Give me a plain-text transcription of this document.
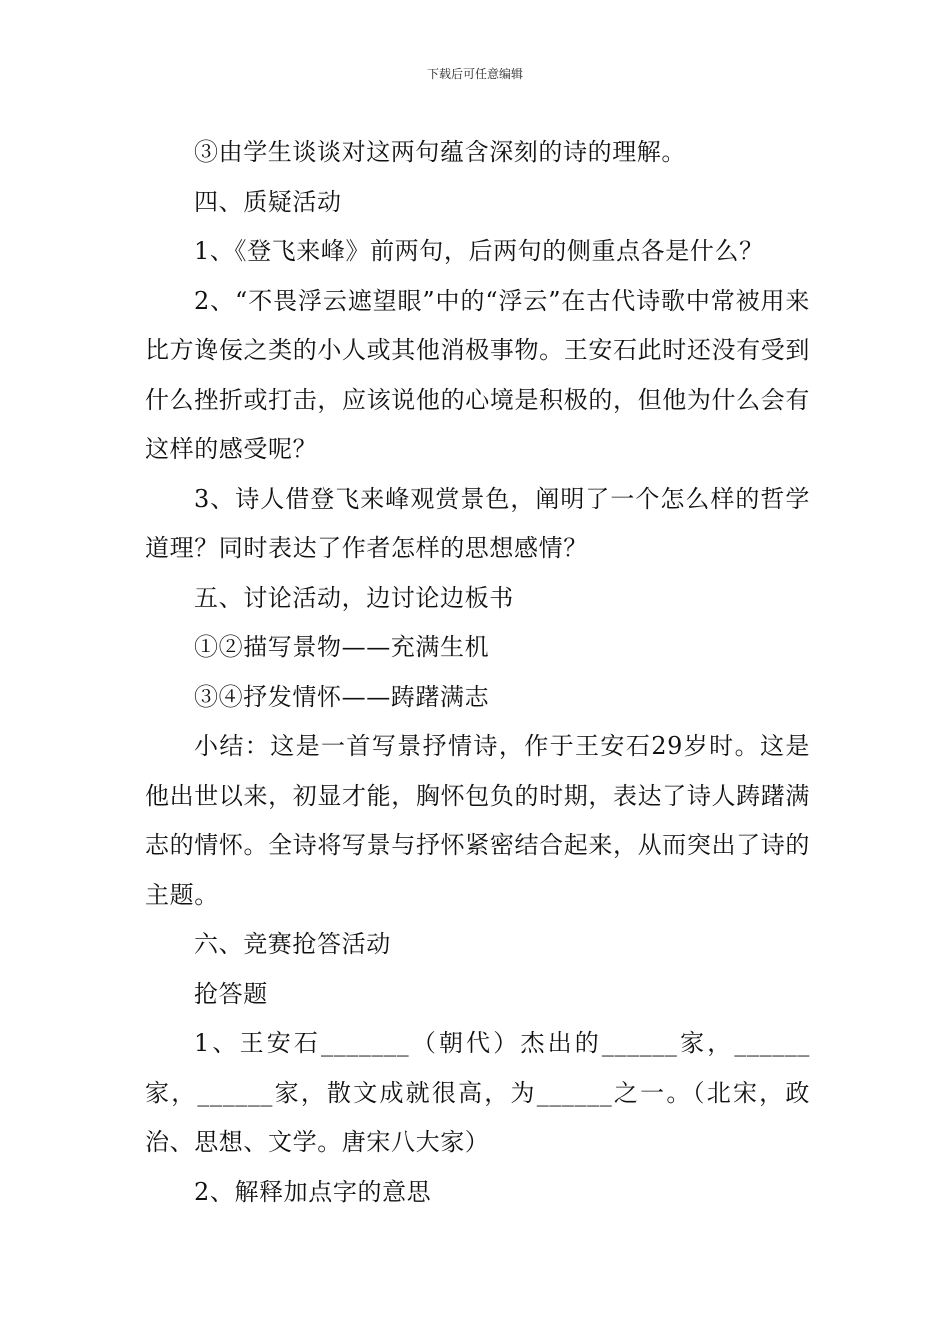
下载后可任意编辑

③由学生谈谈对这两句蕴含深刻的诗的理解。

四、质疑活动

1、《登飞来峰》前两句，后两句的侧重点各是什么？

2、“不畏浮云遮望眼”中的“浮云”在古代诗歌中常被用来比方谗佞之类的小人或其他消极事物。王安石此时还没有受到什么挫折或打击，应该说他的心境是积极的，但他为什么会有这样的感受呢？

3、诗人借登飞来峰观赏景色，阐明了一个怎么样的哲学道理？同时表达了作者怎样的思想感情？

五、讨论活动，边讨论边板书

①②描写景物——充满生机

③④抒发情怀——踌躇满志

小结：这是一首写景抒情诗，作于王安石29岁时。这是他出世以来，初显才能，胸怀包负的时期，表达了诗人踌躇满志的情怀。全诗将写景与抒怀紧密结合起来，从而突出了诗的主题。

六、竞赛抢答活动

抢答题

1、王安石_______（朝代）杰出的______家，______家，______家，散文成就很高，为______之一。（北宋，政治、思想、文学。唐宋八大家）

2、解释加点字的意思
